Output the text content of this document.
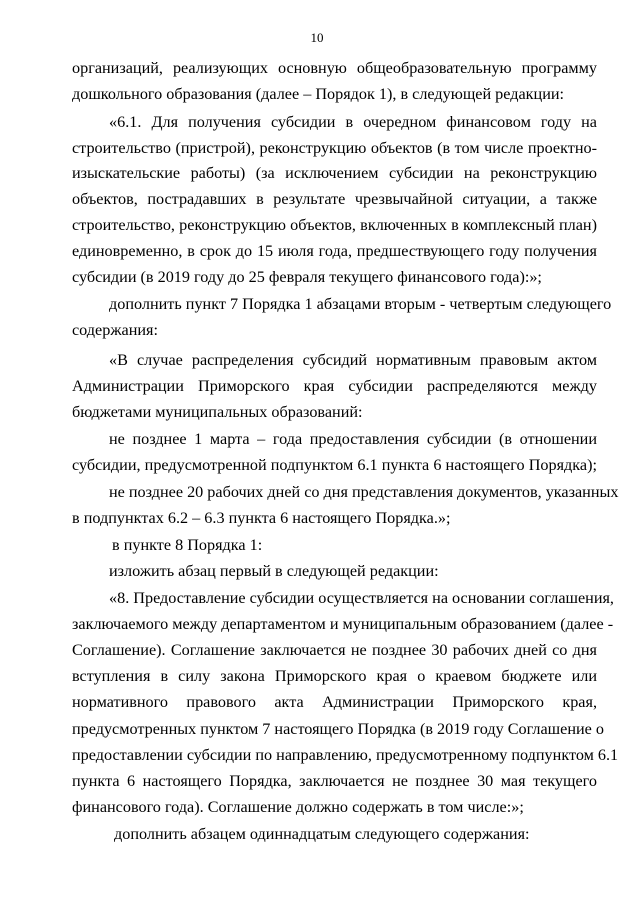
10
организаций, реализующих основную общеобразовательную программу
дошкольного образования (далее – Порядок 1), в следующей редакции:
«6.1. Для получения субсидии в очередном финансовом году на
строительство (пристрой), реконструкцию объектов (в том числе проектно-
изыскательские работы) (за исключением субсидии на реконструкцию
объектов, пострадавших в результате чрезвычайной ситуации, а также
строительство, реконструкцию объектов, включенных в комплексный план)
единовременно, в срок до 15 июля года, предшествующего году получения
субсидии (в 2019 году до 25 февраля текущего финансового года):»;
дополнить пункт 7 Порядка 1 абзацами вторым - четвертым следующего
содержания:
«В случае распределения субсидий нормативным правовым актом
Администрации Приморского края субсидии распределяются между
бюджетами муниципальных образований:
не позднее 1 марта – года предоставления субсидии (в отношении
субсидии, предусмотренной подпунктом 6.1 пункта 6 настоящего Порядка);
не позднее 20 рабочих дней со дня представления документов, указанных
в подпунктах 6.2 – 6.3 пункта 6 настоящего Порядка.»;
в пункте 8 Порядка 1:
изложить абзац первый в следующей редакции:
«8. Предоставление субсидии осуществляется на основании соглашения,
заключаемого между департаментом и муниципальным образованием (далее -
Соглашение). Соглашение заключается не позднее 30 рабочих дней со дня
вступления в силу закона Приморского края о краевом бюджете или
нормативного правового акта Администрации Приморского края,
предусмотренных пунктом 7 настоящего Порядка (в 2019 году Соглашение о
предоставлении субсидии по направлению, предусмотренному подпунктом 6.1
пункта 6 настоящего Порядка, заключается не позднее 30 мая текущего
финансового года). Соглашение должно содержать в том числе:»;
дополнить абзацем одиннадцатым следующего содержания:
